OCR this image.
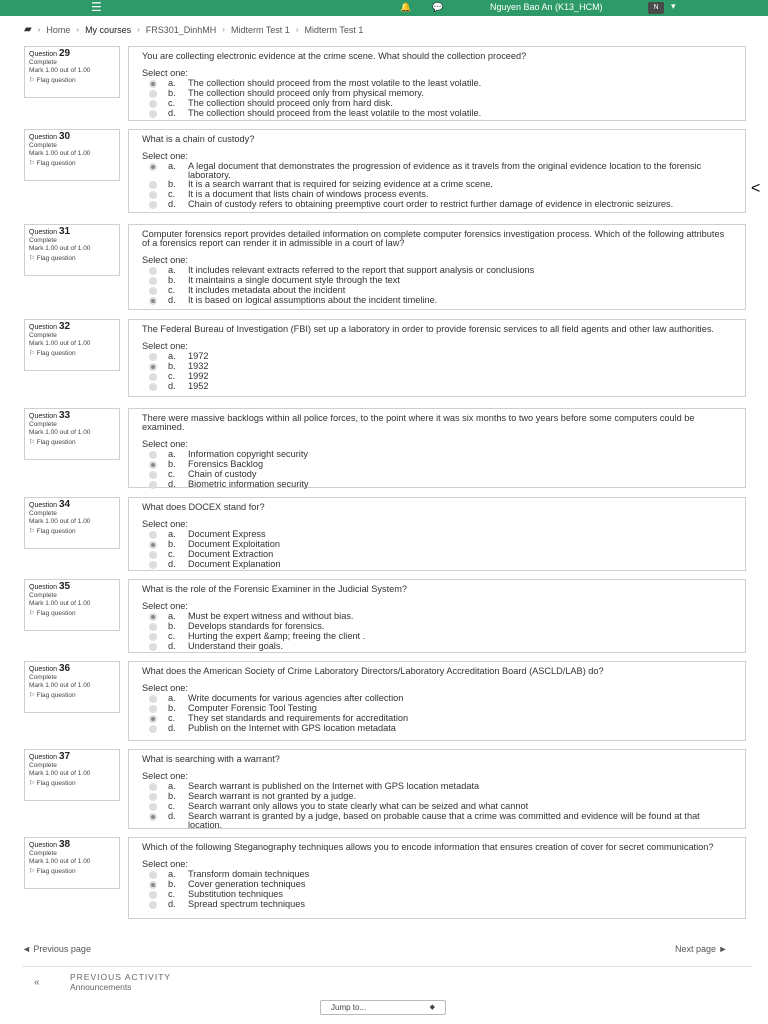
☰	🔔 💬	Nguyen Bao An (K13_HCM)	N	▾
▰ › Home › My courses › FRS301_DinhMH › Midterm Test 1 › Midterm Test 1
<
Question 29
Complete
Mark 1.00 out of 1.00
⚐ Flag question
You are collecting electronic evidence at the crime scene. What should the collection proceed?
Select one:
a. The collection should proceed from the most volatile to the least volatile.
b. The collection should proceed only from physical memory.
c. The collection should proceed only from hard disk.
d. The collection should proceed from the least volatile to the most volatile.
Question 30
Complete
Mark 1.00 out of 1.00
⚐ Flag question
What is a chain of custody?
Select one:
a. A legal document that demonstrates the progression of evidence as it travels from the original evidence location to the forensic laboratory.
b. It is a search warrant that is required for seizing evidence at a crime scene.
c. It is a document that lists chain of windows process events.
d. Chain of custody refers to obtaining preemptive court order to restrict further damage of evidence in electronic seizures.
Question 31
Complete
Mark 1.00 out of 1.00
⚐ Flag question
Computer forensics report provides detailed information on complete computer forensics investigation process. Which of the following attributes of a forensics report can render it in admissible in a court of law?
Select one:
a. It includes relevant extracts referred to the report that support analysis or conclusions
b. It maintains a single document style through the text
c. It includes metadata about the incident
d. It is based on logical assumptions about the incident timeline.
Question 32
Complete
Mark 1.00 out of 1.00
⚐ Flag question
The Federal Bureau of Investigation (FBI) set up a laboratory in order to provide forensic services to all field agents and other law authorities.
Select one:
a. 1972
b. 1932
c. 1992
d. 1952
Question 33
Complete
Mark 1.00 out of 1.00
⚐ Flag question
There were massive backlogs within all police forces, to the point where it was six months to two years before some computers could be examined.
Select one:
a. Information copyright security
b. Forensics Backlog
c. Chain of custody
d. Biometric information security
Question 34
Complete
Mark 1.00 out of 1.00
⚐ Flag question
What does DOCEX stand for?
Select one:
a. Document Express
b. Document Exploitation
c. Document Extraction
d. Document Explanation
Question 35
Complete
Mark 1.00 out of 1.00
⚐ Flag question
What is the role of the Forensic Examiner in the Judicial System?
Select one:
a. Must be expert witness and without bias.
b. Develops standards for forensics.
c. Hurting the expert &amp; freeing the client .
d. Understand their goals.
Question 36
Complete
Mark 1.00 out of 1.00
⚐ Flag question
What does the American Society of Crime Laboratory Directors/Laboratory Accreditation Board (ASCLD/LAB) do?
Select one:
a. Write documents for various agencies after collection
b. Computer Forensic Tool Testing
c. They set standards and requirements for accreditation
d. Publish on the Internet with GPS location metadata
Question 37
Complete
Mark 1.00 out of 1.00
⚐ Flag question
What is searching with a warrant?
Select one:
a. Search warrant is published on the Internet with GPS location metadata
b. Search warrant is not granted by a judge.
c. Search warrant only allows you to state clearly what can be seized and what cannot
d. Search warrant is granted by a judge, based on probable cause that a crime was committed and evidence will be found at that location.
Question 38
Complete
Mark 1.00 out of 1.00
⚐ Flag question
Which of the following Steganography techniques allows you to encode information that ensures creation of cover for secret communication?
Select one:
a. Transform domain techniques
b. Cover generation techniques
c. Substitution techniques
d. Spread spectrum techniques
◄ Previous page	Next page ►
«	PREVIOUS ACTIVITY
Announcements
Jump to...	◆
